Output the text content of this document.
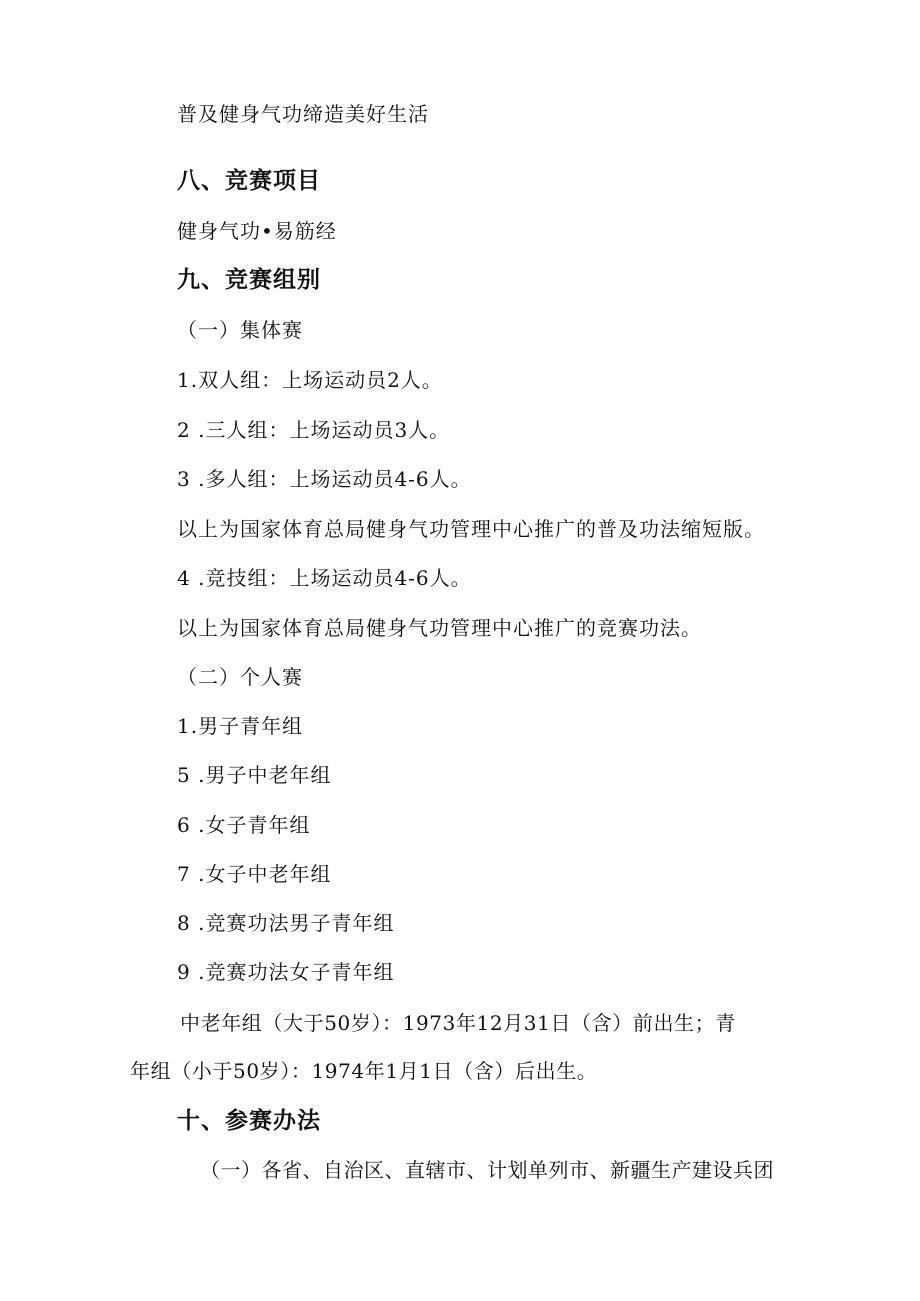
普及健身气功缔造美好生活
八、竞赛项目
健身气功•易筋经
九、竞赛组别
（一）集体赛
1.双人组：上场运动员2人。
2 .三人组：上场运动员3人。
3 .多人组：上场运动员4-6人。
以上为国家体育总局健身气功管理中心推广的普及功法缩短版。
4 .竞技组：上场运动员4-6人。
以上为国家体育总局健身气功管理中心推广的竞赛功法。
（二）个人赛
1.男子青年组
5 .男子中老年组
6 .女子青年组
7 .女子中老年组
8 .竞赛功法男子青年组
9 .竞赛功法女子青年组
中老年组（大于50岁）：1973年12月31日（含）前出生；青
年组（小于50岁）：1974年1月1日（含）后出生。
十、参赛办法
（一）各省、自治区、直辖市、计划单列市、新疆生产建设兵团
